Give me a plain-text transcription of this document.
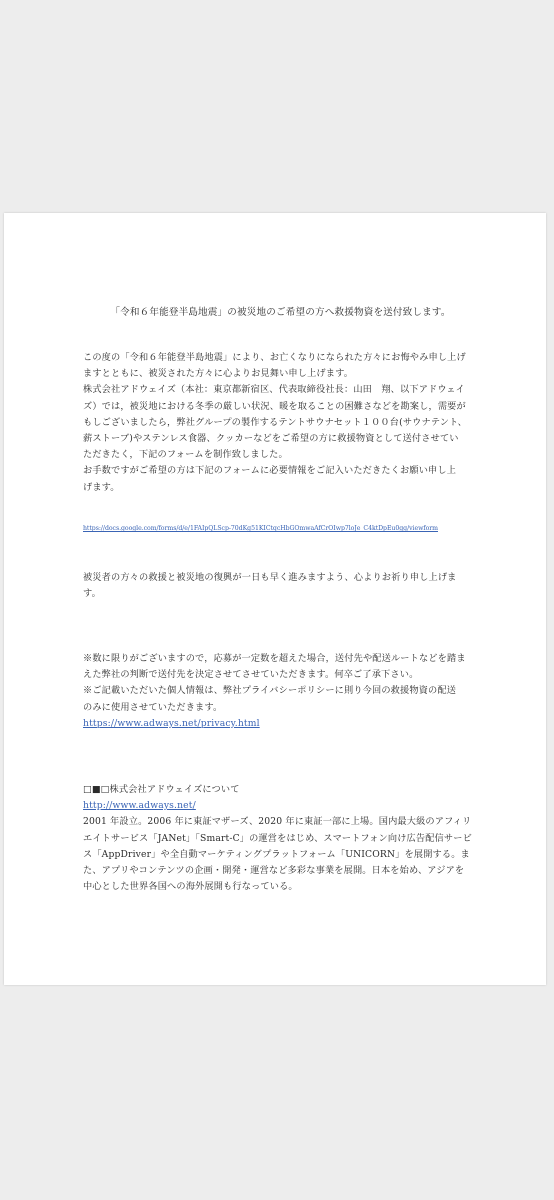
「令和６年能登半島地震」の被災地のご希望の方へ救援物資を送付致します。
この度の「令和６年能登半島地震」により、お亡くなりになられた方々にお悔やみ申し上げ
ますとともに、被災された方々に心よりお見舞い申し上げます。
株式会社アドウェイズ（本社：東京都新宿区、代表取締役社長：山田　翔、以下アドウェイ
ズ）では，被災地における冬季の厳しい状況、暖を取ることの困難さなどを勘案し，需要が
もしございましたら，弊社グループの製作するテントサウナセット１００台(サウナテント、
薪ストーブ)やステンレス食器、クッカーなどをご希望の方に救援物資として送付させてい
ただきたく，下記のフォームを制作致しました。
お手数ですがご希望の方は下記のフォームに必要情報をご記入いただきたくお願い申し上
げます。
https://docs.google.com/forms/d/e/1FAIpQLScp-70dKg51KICtqcHbGOmwaAfCrOIwp7loJe_C4ktDpEu0gg/viewform
被災者の方々の救援と被災地の復興が一日も早く進みますよう、心よりお祈り申し上げま
す。
※数に限りがございますので，応募が一定数を超えた場合，送付先や配送ルートなどを踏ま
えた弊社の判断で送付先を決定させてさせていただきます。何卒ご了承下さい。
※ご記載いただいた個人情報は、弊社プライバシーポリシーに則り今回の救援物資の配送
のみに使用させていただきます。
https://www.adways.net/privacy.html
□■□株式会社アドウェイズについて
http://www.adways.net/
2001 年設立。2006 年に東証マザーズ、2020 年に東証一部に上場。国内最大級のアフィリ
エイトサービス「JANet」「Smart-C」の運営をはじめ、スマートフォン向け広告配信サービ
ス「AppDriver」や全自動マーケティングプラットフォーム「UNICORN」を展開する。ま
た、アプリやコンテンツの企画・開発・運営など多彩な事業を展開。日本を始め、アジアを
中心とした世界各国への海外展開も行なっている。
